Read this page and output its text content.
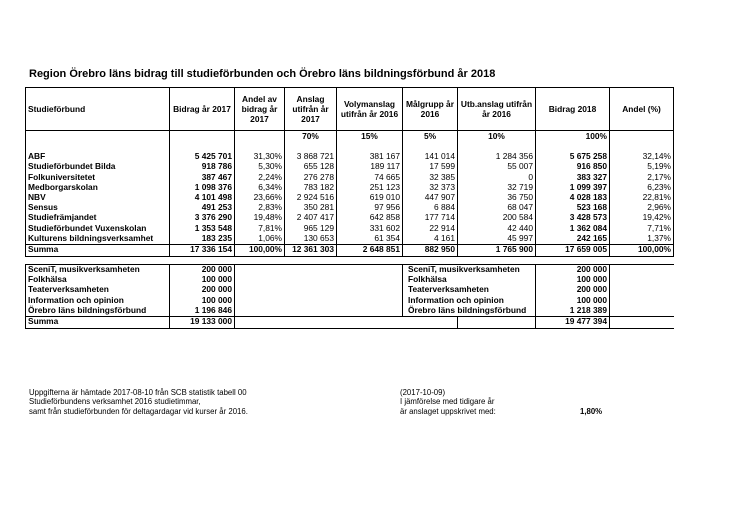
Region Örebro läns bidrag till studieförbunden och Örebro läns bildningsförbund år 2018
Studieförbund	Bidrag år 2017	Andel av bidrag år 2017	Anslag utifrån år 2017	Volymanslag utifrån år 2016	Målgrupp år 2016	Utb.anslag utifrån år 2016	Bidrag 2018	Andel (%)
			70%	15%	5%	10%	100%	

ABF	5 425 701	31,30%	3 868 721	381 167	141 014	1 284 356	5 675 258	32,14%
Studieförbundet Bilda	918 786	5,30%	655 128	189 117	17 599	55 007	916 850	5,19%
Folkuniversitetet	387 467	2,24%	276 278	74 665	32 385	0	383 327	2,17%
Medborgarskolan	1 098 376	6,34%	783 182	251 123	32 373	32 719	1 099 397	6,23%
NBV	4 101 498	23,66%	2 924 516	619 010	447 907	36 750	4 028 183	22,81%
Sensus	491 253	2,83%	350 281	97 956	6 884	68 047	523 168	2,96%
Studiefrämjandet	3 376 290	19,48%	2 407 417	642 858	177 714	200 584	3 428 573	19,42%
Studieförbundet Vuxenskolan	1 353 548	7,81%	965 129	331 602	22 914	42 440	1 362 084	7,71%
Kulturens bildningsverksamhet	183 235	1,06%	130 653	61 354	4 161	45 997	242 165	1,37%
Summa	17 336 154	100,00%	12 361 303	2 648 851	882 950	1 765 900	17 659 005	100,00%

SceniT, musikverksamheten	200 000				SceniT, musikverksamheten		200 000	
Folkhälsa	100 000				Folkhälsa		100 000	
Teaterverksamheten	200 000				Teaterverksamheten		200 000	
Information och opinion	100 000				Information och opinion		100 000	
Örebro läns bildningsförbund	1 196 846				Örebro läns bildningsförbund		1 218 389	
Summa	19 133 000						19 477 394	
Uppgifterna är hämtade 2017-08-10 från SCB statistik tabell 00
Studieförbundens verksamhet 2016 studietimmar,
samt från studieförbunden för deltagardagar vid kurser år 2016.
(2017-10-09)
I jämförelse med tidigare år
är anslaget uppskrivet med:	1,80%
